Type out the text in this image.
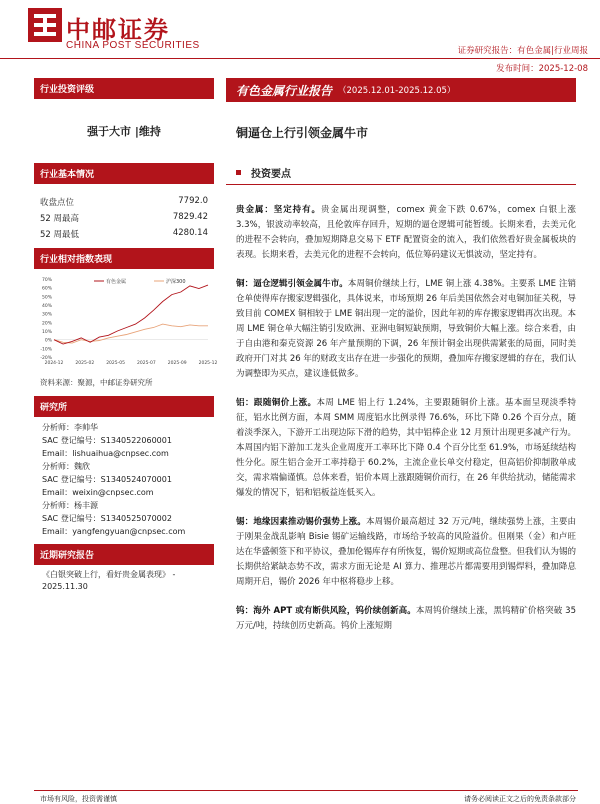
中邮证券
CHINA POST SECURITIES	证券研究报告：有色金属|行业周报
发布时间：2025-12-08
行业投资评级
强于大市 |维持
行业基本情况
收盘点位	7792.0
52 周最高	7829.42
52 周最低	4280.14
行业相对指数表现
70%
60%
50%
40%
30%
20%
10%
0%
-10%
-20%
2024-12	2025-02	2025-05	2025-07	2025-09	2025-12
有色金属	沪深300
资料来源：聚源，中邮证券研究所
研究所
分析师：李帅华
SAC 登记编号：S1340522060001
Email：lishuaihua@cnpsec.com
分析师：魏欣
SAC 登记编号：S1340524070001
Email：weixin@cnpsec.com
分析师：杨丰源
SAC 登记编号：S1340525070002
Email：yangfengyuan@cnpsec.com
近期研究报告
《白银突破上行，看好贵金属表现》 - 2025.11.30
有色金属行业报告 （2025.12.01-2025.12.05）
铜逼仓上行引领金属牛市
投资要点
贵金属：坚定持有。贵金属出现调整，comex 黄金下跌 0.67%，comex 白银上涨 3.3%，银波动率较高，且伦敦库存回升，短期的逼仓逻辑可能暂缓。长期来看，去美元化的进程不会转向，叠加短期降息交易下 ETF 配置资金的流入，我们依然看好贵金属板块的表现。长期来看，去美元化的进程不会转向，低位筹码建议无惧波动，坚定持有。
铜：逼仓逻辑引领金属牛市。本周铜价继续上行，LME 铜上涨 4.38%。主要系 LME 注销仓单使得库存搬家逻辑强化，具体说来，市场预期 26 年后美国依然会对电铜加征关税，导致目前 COMEX 铜相较于 LME 铜出现一定的溢价，因此年初的库存搬家逻辑再次出现。本周 LME 铜仓单大幅注销引发欧洲、亚洲电铜短缺预期，导致铜价大幅上涨。综合来看，由于自由港和秦克资源 26 年产量预期的下调，26 年预计铜金出现供需紧张的局面，同时美政府开门对其 26 年的财政支出存在进一步强化的预期，叠加库存搬家逻辑的存在，我们认为调整即为买点，建议逢低做多。
铝：跟随铜价上涨。本周 LME 铝上行 1.24%，主要跟随铜价上涨。基本面呈现淡季特征，铝水比例方面，本周 SMM 周度铝水比例录得 76.6%，环比下降 0.26 个百分点，随着淡季深入，下游开工出现边际下滑的趋势，其中铝棒企业 12 月预计出现更多减产行为。本周国内铝下游加工龙头企业周度开工率环比下降 0.4 个百分比至 61.9%，市场延续结构性分化。原生铝合金开工率持稳于 60.2%，主流企业长单交付稳定，但高铝价抑制散单成交，需求端偏谨慎。总体来看，铝价本周上涨跟随铜价而行，在 26 年供给扰动，储能需求爆发的情况下，铝和铝板益连低买入。
锡：地缘因素推动锡价强势上涨。本周锡价最高超过 32 万元/吨，继续强势上涨，主要由于刚果金战乱影响 Bisie 锡矿运输线路，市场给予较高的风险溢价。但刚果（金）和卢旺达在华盛顿签下和平协议，叠加伦锡库存有所恢复，锡价短期或高位盘整。但我们认为锡的长期供给紧缺态势不改，需求方面无论是 AI 算力、推理芯片都需要用到锡焊料，叠加降息周期开启，锡价 2026 年中枢将稳步上移。
钨：海外 APT 或有断供风险，钨价续创新高。本周钨价继续上涨，黑钨精矿价格突破 35 万元/吨，持续创历史新高。钨价上涨短期
市场有风险，投资需谨慎	请务必阅读正文之后的免责条款部分
